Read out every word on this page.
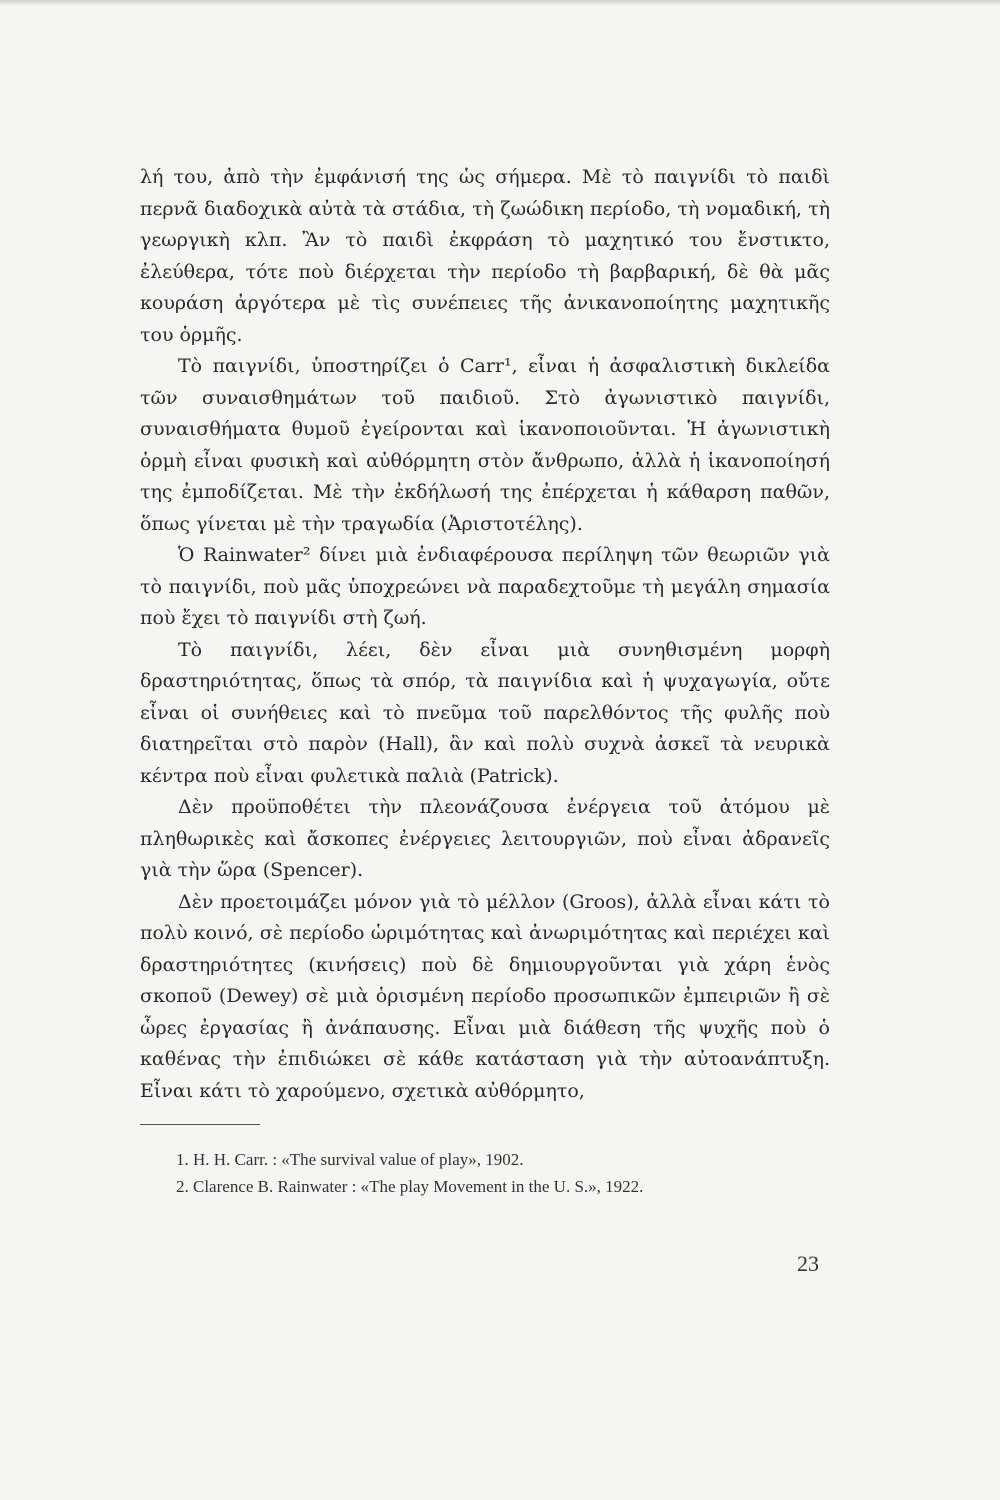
λή του, ἀπὸ τὴν ἐμφάνισή της ὡς σήμερα. Μὲ τὸ παιγνίδι τὸ παιδὶ περνᾶ διαδοχικὰ αὐτὰ τὰ στάδια, τὴ ζωώδικη περίοδο, τὴ νομαδική, τὴ γεωργικὴ κλπ. Ἂν τὸ παιδὶ ἐκφράση τὸ μαχητικό του ἔνστικτο, ἐλεύθερα, τότε ποὺ διέρχεται τὴν περίοδο τὴ βαρβαρική, δὲ θὰ μᾶς κουράση ἀργότερα μὲ τὶς συνέπειες τῆς ἀνικανοποίητης μαχητικῆς του ὁρμῆς.

Τὸ παιγνίδι, ὑποστηρίζει ὁ Carr¹, εἶναι ἡ ἀσφαλιστικὴ δικλείδα τῶν συναισθημάτων τοῦ παιδιοῦ. Στὸ ἀγωνιστικὸ παιγνίδι, συναισθήματα θυμοῦ ἐγείρονται καὶ ἱκανοποιοῦνται. Ἡ ἀγωνιστικὴ ὁρμὴ εἶναι φυσικὴ καὶ αὐθόρμητη στὸν ἄνθρωπο, ἀλλὰ ἡ ἱκανοποίησή της ἐμποδίζεται. Μὲ τὴν ἐκδήλωσή της ἐπέρχεται ἡ κάθαρση παθῶν, ὅπως γίνεται μὲ τὴν τραγωδία (Ἀριστοτέλης).

Ὁ Rainwater² δίνει μιὰ ἐνδιαφέρουσα περίληψη τῶν θεωριῶν γιὰ τὸ παιγνίδι, ποὺ μᾶς ὑποχρεώνει νὰ παραδεχτοῦμε τὴ μεγάλη σημασία ποὺ ἔχει τὸ παιγνίδι στὴ ζωή.

Τὸ παιγνίδι, λέει, δὲν εἶναι μιὰ συνηθισμένη μορφὴ δραστηριότητας, ὅπως τὰ σπόρ, τὰ παιγνίδια καὶ ἡ ψυχαγωγία, οὔτε εἶναι οἱ συνήθειες καὶ τὸ πνεῦμα τοῦ παρελθόντος τῆς φυλῆς ποὺ διατηρεῖται στὸ παρὸν (Hall), ἂν καὶ πολὺ συχνὰ ἀσκεῖ τὰ νευρικὰ κέντρα ποὺ εἶναι φυλετικὰ παλιὰ (Patrick).

Δὲν προϋποθέτει τὴν πλεονάζουσα ἐνέργεια τοῦ ἀτόμου μὲ πληθωρικὲς καὶ ἄσκοπες ἐνέργειες λειτουργιῶν, ποὺ εἶναι ἀδρανεῖς γιὰ τὴν ὥρα (Spencer).

Δὲν προετοιμάζει μόνον γιὰ τὸ μέλλον (Groos), ἀλλὰ εἶναι κάτι τὸ πολὺ κοινό, σὲ περίοδο ὡριμότητας καὶ ἀνωριμότητας καὶ περιέχει καὶ δραστηριότητες (κινήσεις) ποὺ δὲ δημιουργοῦνται γιὰ χάρη ἑνὸς σκοποῦ (Dewey) σὲ μιὰ ὁρισμένη περίοδο προσωπικῶν ἐμπειριῶν ἢ σὲ ὧρες ἐργασίας ἢ ἀνάπαυσης. Εἶναι μιὰ διάθεση τῆς ψυχῆς ποὺ ὁ καθένας τὴν ἐπιδιώκει σὲ κάθε κατάσταση γιὰ τὴν αὐτοανάπτυξη. Εἶναι κάτι τὸ χαρούμενο, σχετικὰ αὐθόρμητο,

1. H. H. Carr. : «The survival value of play», 1902.

2. Clarence B. Rainwater : «The play Movement in the U. S.», 1922.

23
